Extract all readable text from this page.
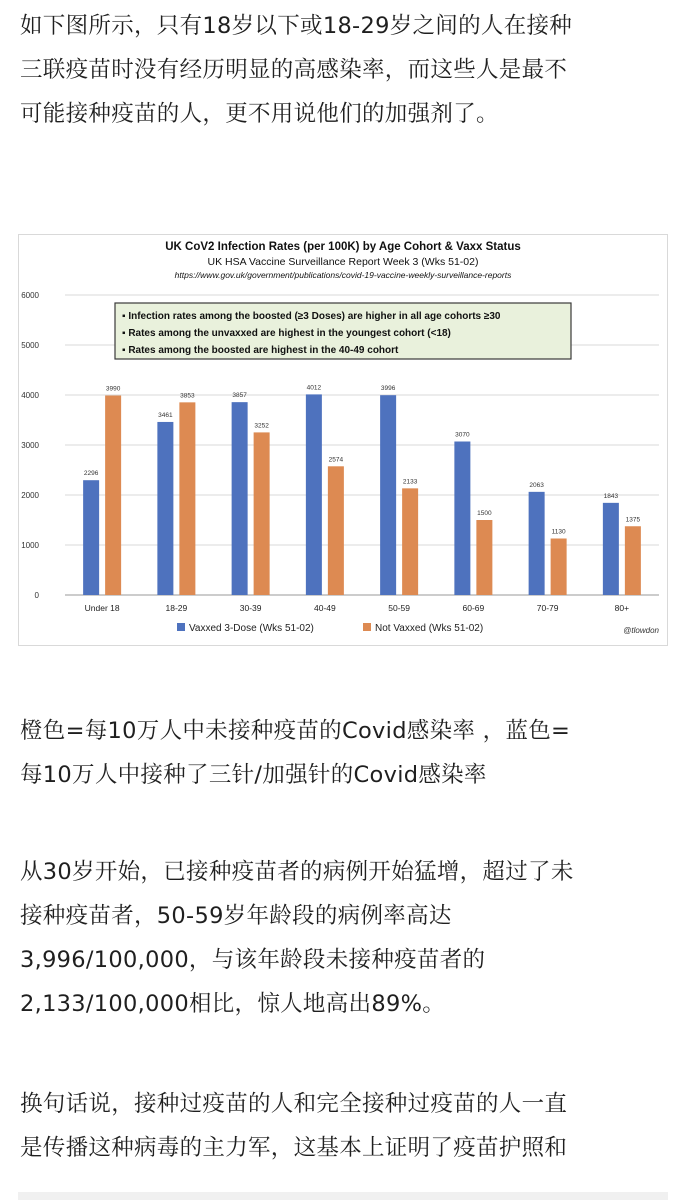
如下图所示，只有18岁以下或18-29岁之间的人在接种
三联疫苗时没有经历明显的高感染率，而这些人是最不
可能接种疫苗的人，更不用说他们的加强剂了。

UK CoV2 Infection Rates (per 100K) by Age Cohort & Vaxx Status
UK HSA Vaccine Surveillance Report Week 3 (Wks 51-02)
https://www.gov.uk/government/publications/covid-19-vaccine-weekly-surveillance-reports
0
1000
2000
3000
4000
5000
6000
Under 18
2296
3990
18-29
3461
3853
30-39
3857
3252
40-49
4012
2574
50-59
3996
2133
60-69
3070
1500
70-79
2063
1130
80+
1843
1375
▪ Infection rates among the boosted (≥3 Doses) are higher in all age cohorts ≥30
▪ Rates among the unvaxxed are highest in the youngest cohort (<18)
▪ Rates among the boosted are highest in the 40-49 cohort
Vaxxed 3-Dose (Wks 51-02)	Not Vaxxed (Wks 51-02)	@tlowdon

橙色=每10万人中未接种疫苗的Covid感染率 ，蓝色=
每10万人中接种了三针/加强针的Covid感染率

从30岁开始，已接种疫苗者的病例开始猛增，超过了未
接种疫苗者，50-59岁年龄段的病例率高达
3,996/100,000，与该年龄段未接种疫苗者的
2,133/100,000相比，惊人地高出89%。

换句话说，接种过疫苗的人和完全接种过疫苗的人一直
是传播这种病毒的主力军，这基本上证明了疫苗护照和
